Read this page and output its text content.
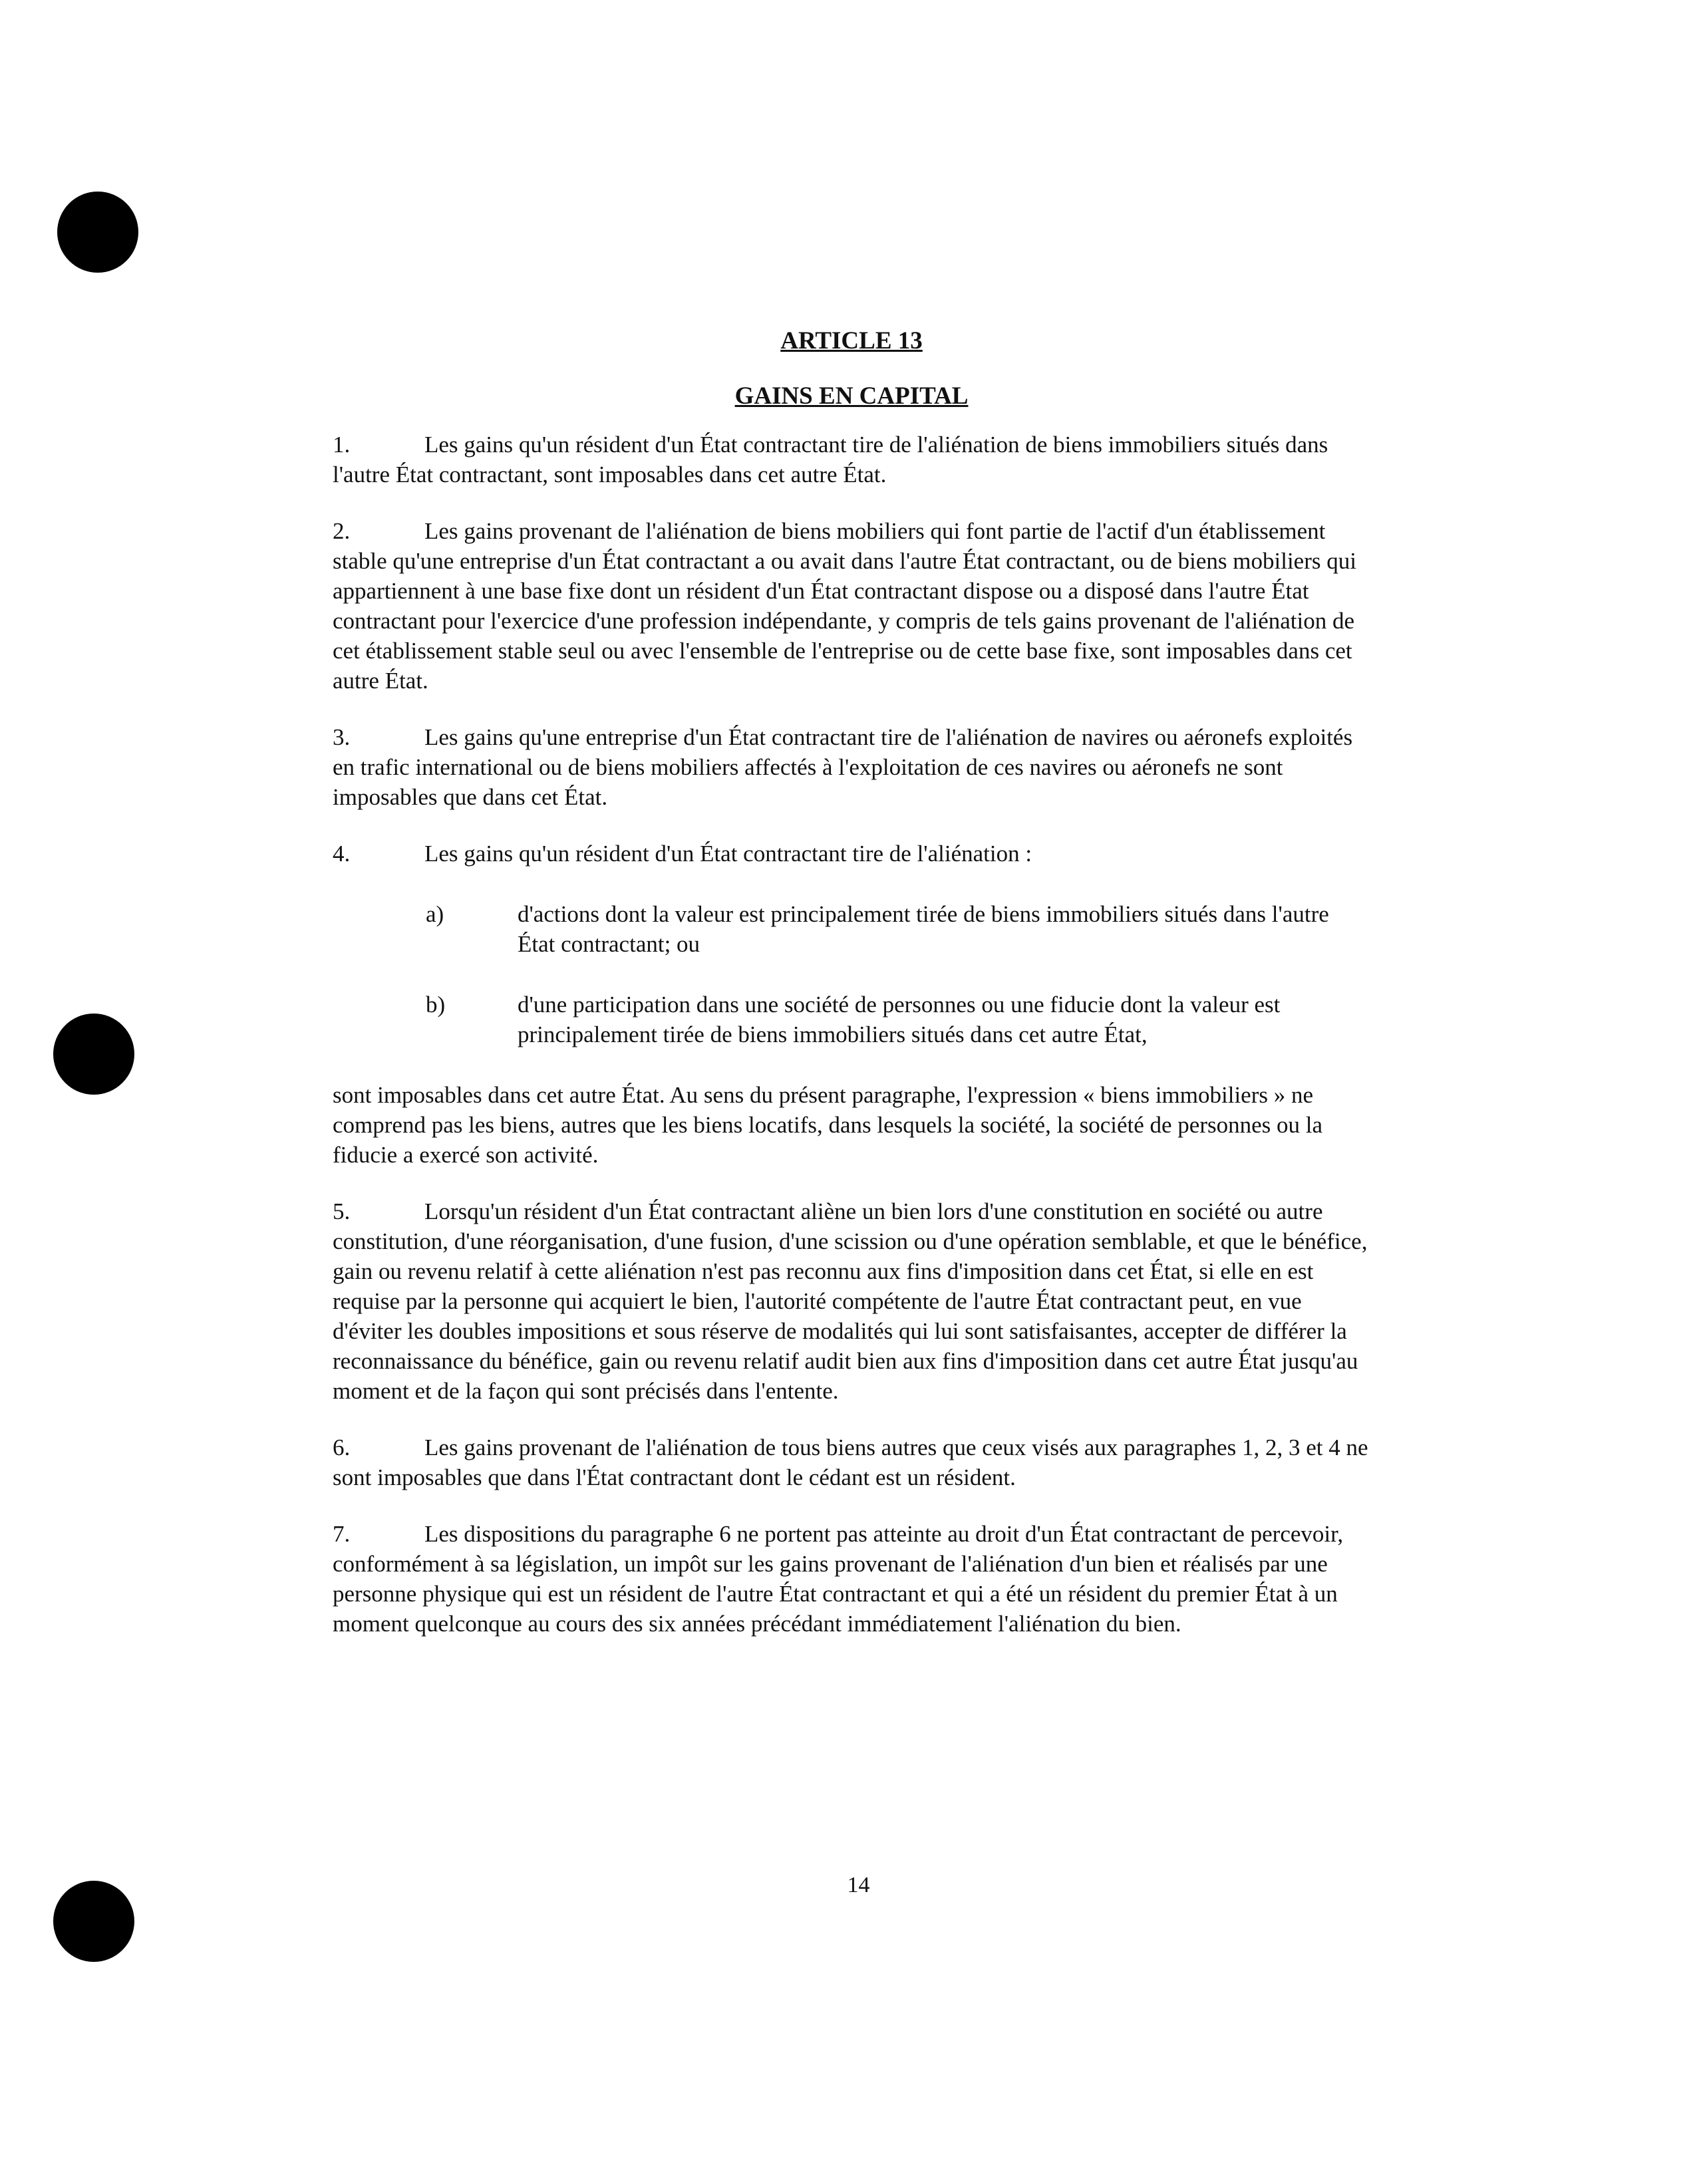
ARTICLE 13
GAINS EN CAPITAL

1.	Les gains qu'un résident d'un État contractant tire de l'aliénation de biens immobiliers situés dans l'autre État contractant, sont imposables dans cet autre État.

2.	Les gains provenant de l'aliénation de biens mobiliers qui font partie de l'actif d'un établissement stable qu'une entreprise d'un État contractant a ou avait dans l'autre État contractant, ou de biens mobiliers qui appartiennent à une base fixe dont un résident d'un État contractant dispose ou a disposé dans l'autre État contractant pour l'exercice d'une profession indépendante, y compris de tels gains provenant de l'aliénation de cet établissement stable seul ou avec l'ensemble de l'entreprise ou de cette base fixe, sont imposables dans cet autre État.

3.	Les gains qu'une entreprise d'un État contractant tire de l'aliénation de navires ou aéronefs exploités en trafic international ou de biens mobiliers affectés à l'exploitation de ces navires ou aéronefs ne sont imposables que dans cet État.

4.	Les gains qu'un résident d'un État contractant tire de l'aliénation :

a)	d'actions dont la valeur est principalement tirée de biens immobiliers situés dans l'autre État contractant; ou
b)	d'une participation dans une société de personnes ou une fiducie dont la valeur est principalement tirée de biens immobiliers situés dans cet autre État,

sont imposables dans cet autre État. Au sens du présent paragraphe, l'expression « biens immobiliers » ne comprend pas les biens, autres que les biens locatifs, dans lesquels la société, la société de personnes ou la fiducie a exercé son activité.

5.	Lorsqu'un résident d'un État contractant aliène un bien lors d'une constitution en société ou autre constitution, d'une réorganisation, d'une fusion, d'une scission ou d'une opération semblable, et que le bénéfice, gain ou revenu relatif à cette aliénation n'est pas reconnu aux fins d'imposition dans cet État, si elle en est requise par la personne qui acquiert le bien, l'autorité compétente de l'autre État contractant peut, en vue d'éviter les doubles impositions et sous réserve de modalités qui lui sont satisfaisantes, accepter de différer la reconnaissance du bénéfice, gain ou revenu relatif audit bien aux fins d'imposition dans cet autre État jusqu'au moment et de la façon qui sont précisés dans l'entente.

6.	Les gains provenant de l'aliénation de tous biens autres que ceux visés aux paragraphes 1, 2, 3 et 4 ne sont imposables que dans l'État contractant dont le cédant est un résident.

7.	Les dispositions du paragraphe 6 ne portent pas atteinte au droit d'un État contractant de percevoir, conformément à sa législation, un impôt sur les gains provenant de l'aliénation d'un bien et réalisés par une personne physique qui est un résident de l'autre État contractant et qui a été un résident du premier État à un moment quelconque au cours des six années précédant immédiatement l'aliénation du bien.

14
